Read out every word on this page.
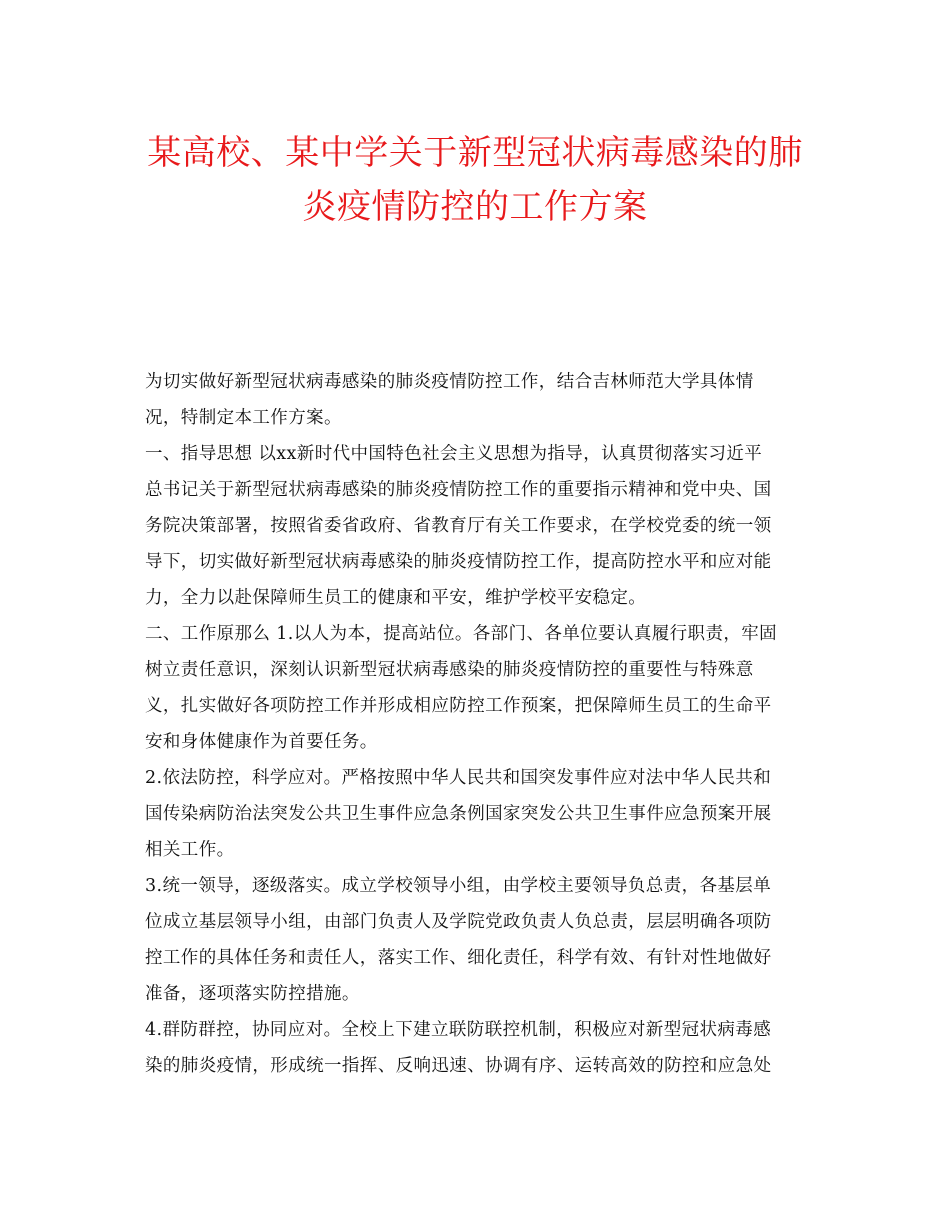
某高校、某中学关于新型冠状病毒感染的肺
炎疫情防控的工作方案
为切实做好新型冠状病毒感染的肺炎疫情防控工作，结合吉林师范大学具体情
况，特制定本工作方案。
一、指导思想 以xx新时代中国特色社会主义思想为指导，认真贯彻落实习近平
总书记关于新型冠状病毒感染的肺炎疫情防控工作的重要指示精神和党中央、国
务院决策部署，按照省委省政府、省教育厅有关工作要求，在学校党委的统一领
导下，切实做好新型冠状病毒感染的肺炎疫情防控工作，提高防控水平和应对能
力，全力以赴保障师生员工的健康和平安，维护学校平安稳定。
二、工作原那么 1.以人为本，提高站位。各部门、各单位要认真履行职责，牢固
树立责任意识，深刻认识新型冠状病毒感染的肺炎疫情防控的重要性与特殊意
义，扎实做好各项防控工作并形成相应防控工作预案，把保障师生员工的生命平
安和身体健康作为首要任务。
2.依法防控，科学应对。严格按照中华人民共和国突发事件应对法中华人民共和
国传染病防治法突发公共卫生事件应急条例国家突发公共卫生事件应急预案开展
相关工作。
3.统一领导，逐级落实。成立学校领导小组，由学校主要领导负总责，各基层单
位成立基层领导小组，由部门负责人及学院党政负责人负总责，层层明确各项防
控工作的具体任务和责任人，落实工作、细化责任，科学有效、有针对性地做好
准备，逐项落实防控措施。
4.群防群控，协同应对。全校上下建立联防联控机制，积极应对新型冠状病毒感
染的肺炎疫情，形成统一指挥、反响迅速、协调有序、运转高效的防控和应急处
